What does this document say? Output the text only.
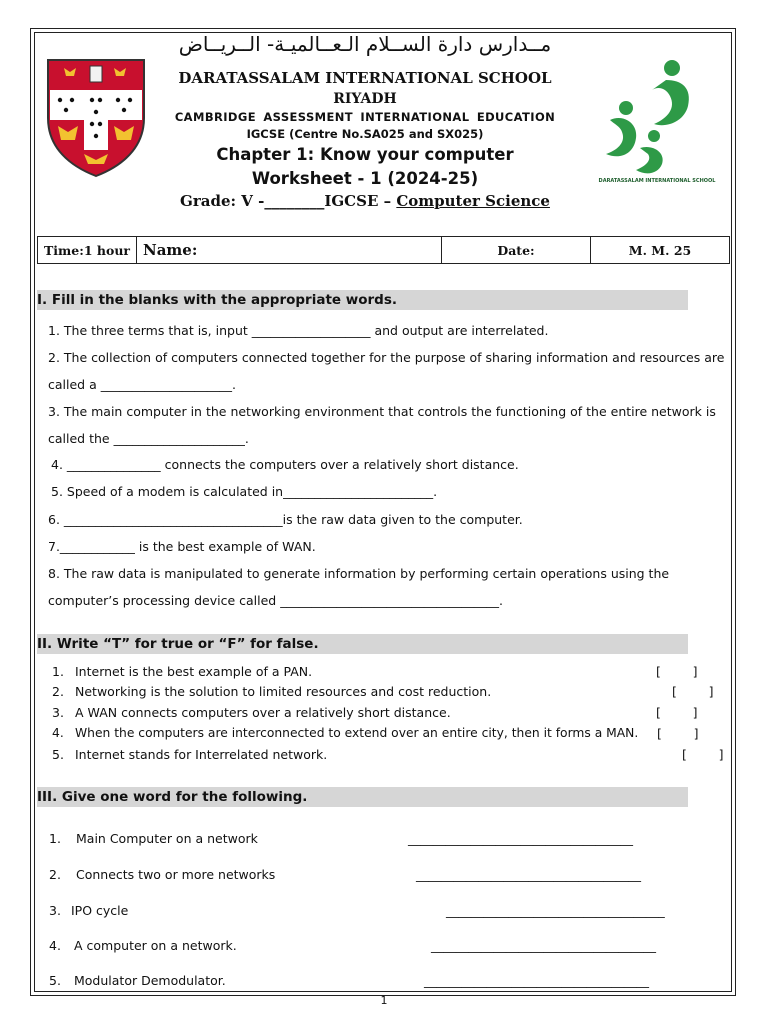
مــدارس دارة الســلام الـعــالميـة- الــريــاض
DARATASSALAM INTERNATIONAL SCHOOL
DARATASSALAM INTERNATIONAL SCHOOL
RIYADH
CAMBRIDGE ASSESSMENT INTERNATIONAL EDUCATION
IGCSE (Centre No.SA025 and SX025)
Chapter 1: Know your computer
Worksheet - 1 (2024-25)
Grade: V -________IGCSE – Computer Science
Time:1 hour	Name:	Date:	M. M. 25
I. Fill in the blanks with the appropriate words.
1. The three terms that is, input ___________________ and output are interrelated.
2. The collection of computers connected together for the purpose of sharing information and resources are
called a _____________________.
3. The main computer in the networking environment that controls the functioning of the entire network is
called the _____________________.
4. _______________ connects the computers over a relatively short distance.
5. Speed of a modem is calculated in________________________.
6. ___________________________________is the raw data given to the computer.
7.____________ is the best example of WAN.
8. The raw data is manipulated to generate information by performing certain operations using the
computer’s processing device called ___________________________________.
II. Write “T” for true or “F” for false.
1. Internet is the best example of a PAN.	[        ]
2. Networking is the solution to limited resources and cost reduction.	[        ]
3. A WAN connects computers over a relatively short distance.	[        ]
4. When the computers are interconnected to extend over an entire city, then it forms a MAN. [        ]
5. Internet stands for Interrelated network.	[        ]
III. Give one word for the following.
1. Main Computer on a network	____________________________________
2. Connects two or more networks	____________________________________
3. IPO cycle	___________________________________
4. A computer on a network.	____________________________________
5. Modulator Demodulator.	____________________________________
1
